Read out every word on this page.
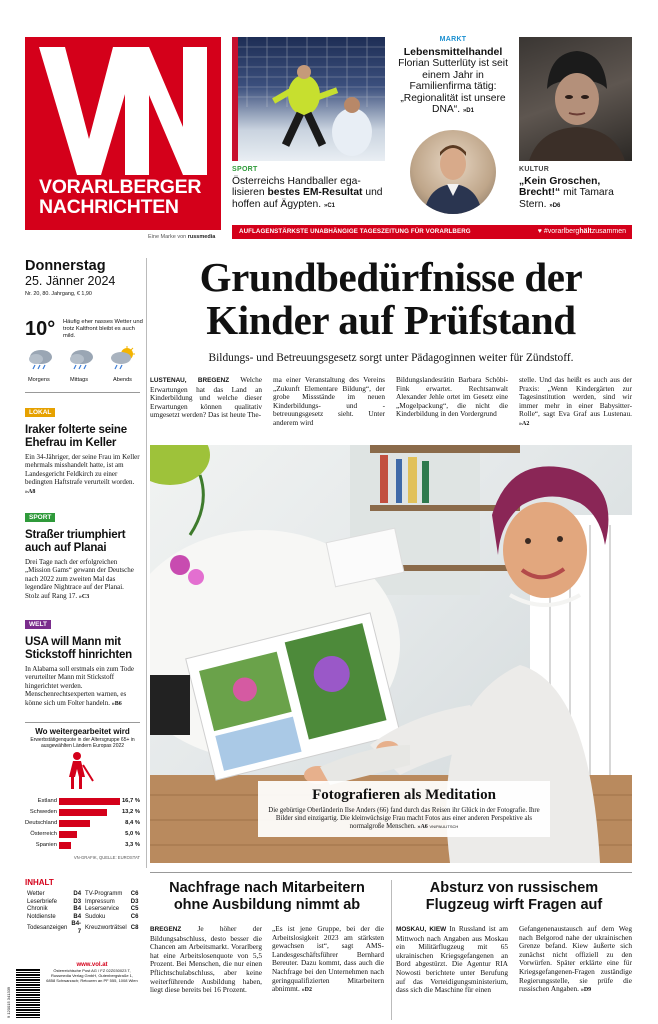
VORARLBERGER
NACHRICHTEN
Eine Marke von russmedia
SPORT
Österreichs Handballer ega-lisieren bestes EM-Resultat und hoffen auf Ägypten. »C1
MARKT
Lebensmittelhandel
Florian Sutterlüty ist seit einem Jahr in Familienfirma tätig: „Regionalität ist unsere DNA“. »D1
KULTUR
„Kein Groschen, Brecht!“ mit Tamara Stern. »D6
AUFLAGENSTÄRKSTE UNABHÄNGIGE TAGESZEITUNG FÜR VORARLBERG	♥ #vorarlberghältzusammen
Donnerstag
25. Jänner 2024
Nr. 20, 80. Jahrgang, € 1,90
10° Häufig eher nasses Wetter und trotz Kaltfront bleibt es auch mild.
Morgens	Mittags	Abends
LOKAL
Iraker folterte seine Ehefrau im Keller
Ein 34-Jähriger, der seine Frau im Keller mehrmals misshandelt hatte, ist am Landesgericht Feldkirch zu einer bedingten Haftstrafe verurteilt worden. »A8
SPORT
Straßer triumphiert auch auf Planai
Drei Tage nach der erfolgreichen „Mission Gams“ gewann der Deutsche nach 2022 zum zweiten Mal das legendäre Nightrace auf der Planai. Stolz auf Rang 17. »C3
WELT
USA will Mann mit Stickstoff hinrichten
In Alabama soll erstmals ein zum Tode verurteilter Mann mit Stickstoff hingerichtet werden. Menschenrechtsexperten warnen, es könne sich um Folter handeln. »B6
Wo weitergearbeitet wird
Erwerbstätigenquote in der Altersgruppe 65+ in ausgewählten Ländern Europas 2022
Estland	16,7 %
Schweden	13,2 %
Deutschland	8,4 %
Österreich	5,0 %
Spanien	3,3 %
VN-GRAFIK, QUELLE: EUROSTAT
INHALT
Wetter	D4	TV-Programm	C6
Leserbriefe	D3	Impressum	D3
Chronik	B4	Leserservice	C5
Notdienste	B4	Sudoku	C6
Todesanzeigen	B4-7	Kreuzworträtsel	C8
www.vol.at
Österreichische Post AG / FZ 02Z030023 T,
Russmedia Verlag GmbH, Gutenbergstraße 1,
6858 Schwarzach; Retouren an PF 555, 1008 Wien
9 120015 341339
Grundbedürfnisse der
Kinder auf Prüfstand
Bildungs- und Betreuungsgesetz sorgt unter Pädagoginnen weiter für Zündstoff.
LUSTENAU, BREGENZ Welche Erwartungen hat das Land an Kinderbildung und welche dieser Erwartungen können qualitativ umgesetzt werden? Das ist heute The-
ma einer Veranstaltung des Vereins „Zukunft Elementare Bildung“, der grobe Missstände im neuen Kinderbildungs- und -betreuungsgesetz sieht. Unter anderem wird
Bildungslandesrätin Barbara Schöbi-Fink erwartet. Rechtsanwalt Alexander Jehle ortet im Gesetz eine „Mogelpackung“, die nicht die Kinderbildung in den Vordergrund
stelle. Und das heißt es auch aus der Praxis: „Wenn Kindergärten zur Tagesinstitution werden, sind wir immer mehr in einer Babysitter-Rolle“, sagt Eva Graf aus Lustenau. »A2
Fotografieren als Meditation
Die gebürtige Oberländerin Ilse Anders (66) fand durch das Reisen ihr Glück in der Fotografie. Ihre Bilder sind einzigartig. Die kleinwüchsige Frau macht Fotos aus einer anderen Perspektive als normalgroße Menschen. »A6 VN/PAULITSCH
Nachfrage nach Mitarbeitern ohne Ausbildung nimmt ab
BREGENZ Je höher der Bildungsabschluss, desto besser die Chancen am Arbeitsmarkt. Vorarlberg hat eine Arbeitslosenquote von 5,5 Prozent. Bei Menschen, die nur einen Pflichtschulabschluss, aber keine weiterführende Ausbildung haben, liegt diese bereits bei 16 Prozent.
„Es ist jene Gruppe, bei der die Arbeitslosigkeit 2023 am stärksten gewachsen ist“, sagt AMS-Landesgeschäftsführer Bernhard Bereuter. Dazu kommt, dass auch die Nachfrage bei den Unternehmen nach geringqualifizierten Mitarbeitern abnimmt. »D2
Absturz von russischem Flugzeug wirft Fragen auf
MOSKAU, KIEW In Russland ist am Mittwoch nach Angaben aus Moskau ein Militärflugzeug mit 65 ukrainischen Kriegsgefangenen an Bord abgestürzt. Die Agentur RIA Nowosti berichtete unter Berufung auf das Verteidigungsministerium, dass sich die Maschine für einen
Gefangenenaustausch auf dem Weg nach Belgorod nahe der ukrainischen Grenze befand. Kiew äußerte sich zunächst nicht offiziell zu den Vorwürfen. Später erklärte eine für Kriegsgefangenen-Fragen zuständige Regierungsstelle, sie prüfe die russischen Angaben. »D9
